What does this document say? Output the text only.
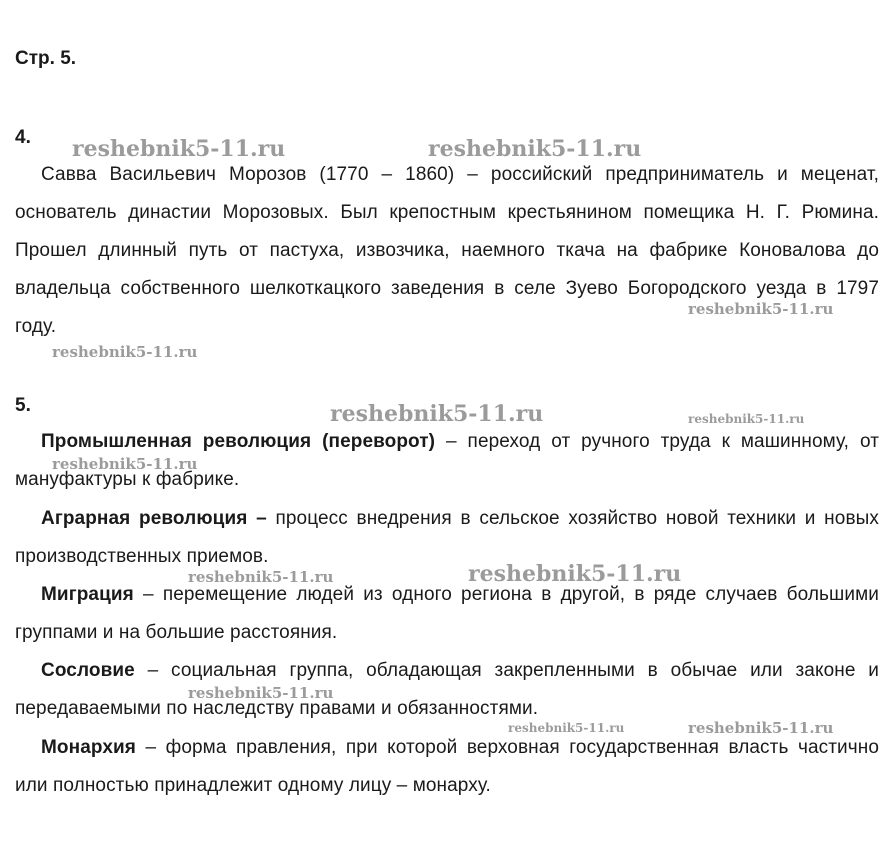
Стр. 5.
4.

Савва Васильевич Морозов (1770 – 1860) – российский предприниматель и меценат, основатель династии Морозовых. Был крепостным крестьянином помещика Н. Г. Рюмина. Прошел длинный путь от пастуха, извозчика, наемного ткача на фабрике Коновалова до владельца собственного шелкоткацкого заведения в селе Зуево Богородского уезда в 1797 году.

5.

Промышленная революция (переворот) – переход от ручного труда к машинному, от мануфактуры к фабрике.

Аграрная революция – процесс внедрения в сельское хозяйство новой техники и новых производственных приемов.

Миграция – перемещение людей из одного региона в другой, в ряде случаев большими группами и на большие расстояния.

Сословие – социальная группа, обладающая закрепленными в обычае или законе и передаваемыми по наследству правами и обязанностями.

Монархия – форма правления, при которой верховная государственная власть частично или полностью принадлежит одному лицу – монарху.

reshebnik5-11.ru	reshebnik5-11.ru
reshebnik5-11.ru
reshebnik5-11.ru
reshebnik5-11.ru	reshebnik5-11.ru
reshebnik5-11.ru
reshebnik5-11.ru	reshebnik5-11.ru
reshebnik5-11.ru
reshebnik5-11.ru	reshebnik5-11.ru
